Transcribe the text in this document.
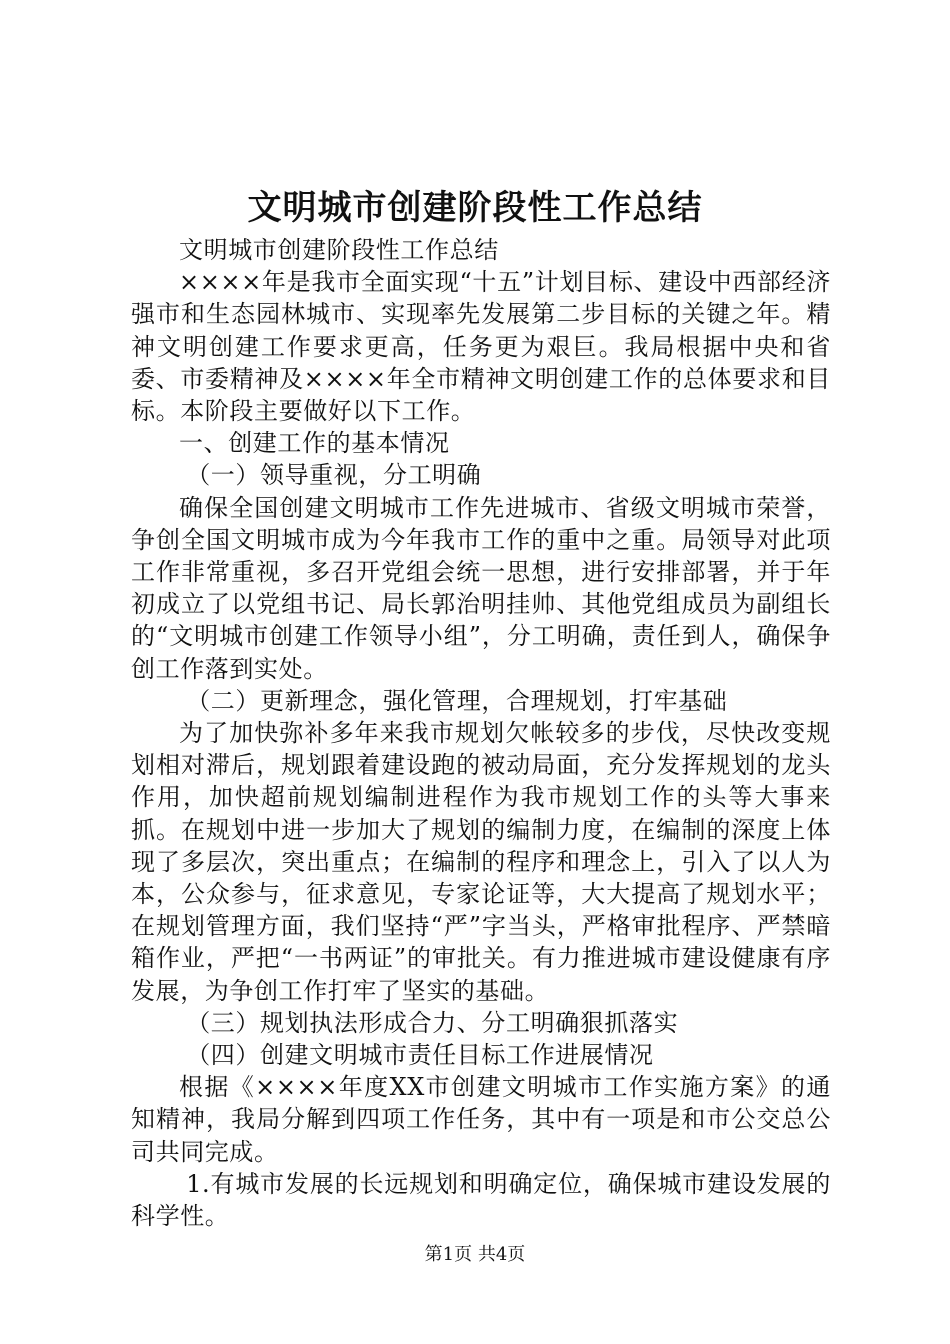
文明城市创建阶段性工作总结

文明城市创建阶段性工作总结

××××年是我市全面实现“十五”计划目标、建设中西部经济强市和生态园林城市、实现率先发展第二步目标的关键之年。精神文明创建工作要求更高，任务更为艰巨。我局根据中央和省委、市委精神及××××年全市精神文明创建工作的总体要求和目标。本阶段主要做好以下工作。

一、创建工作的基本情况

（一）领导重视，分工明确

确保全国创建文明城市工作先进城市、省级文明城市荣誉，争创全国文明城市成为今年我市工作的重中之重。局领导对此项工作非常重视，多召开党组会统一思想，进行安排部署，并于年初成立了以党组书记、局长郭治明挂帅、其他党组成员为副组长的“文明城市创建工作领导小组”，分工明确，责任到人，确保争创工作落到实处。

（二）更新理念，强化管理，合理规划，打牢基础

为了加快弥补多年来我市规划欠帐较多的步伐，尽快改变规划相对滞后，规划跟着建设跑的被动局面，充分发挥规划的龙头作用，加快超前规划编制进程作为我市规划工作的头等大事来抓。在规划中进一步加大了规划的编制力度，在编制的深度上体现了多层次，突出重点；在编制的程序和理念上，引入了以人为本，公众参与，征求意见，专家论证等，大大提高了规划水平；在规划管理方面，我们坚持“严”字当头，严格审批程序、严禁暗箱作业，严把“一书两证”的审批关。有力推进城市建设健康有序发展，为争创工作打牢了坚实的基础。

（三）规划执法形成合力、分工明确狠抓落实

（四）创建文明城市责任目标工作进展情况

根据《××××年度XX市创建文明城市工作实施方案》的通知精神，我局分解到四项工作任务，其中有一项是和市公交总公司共同完成。

1.有城市发展的长远规划和明确定位，确保城市建设发展的科学性。

第1页 共4页
